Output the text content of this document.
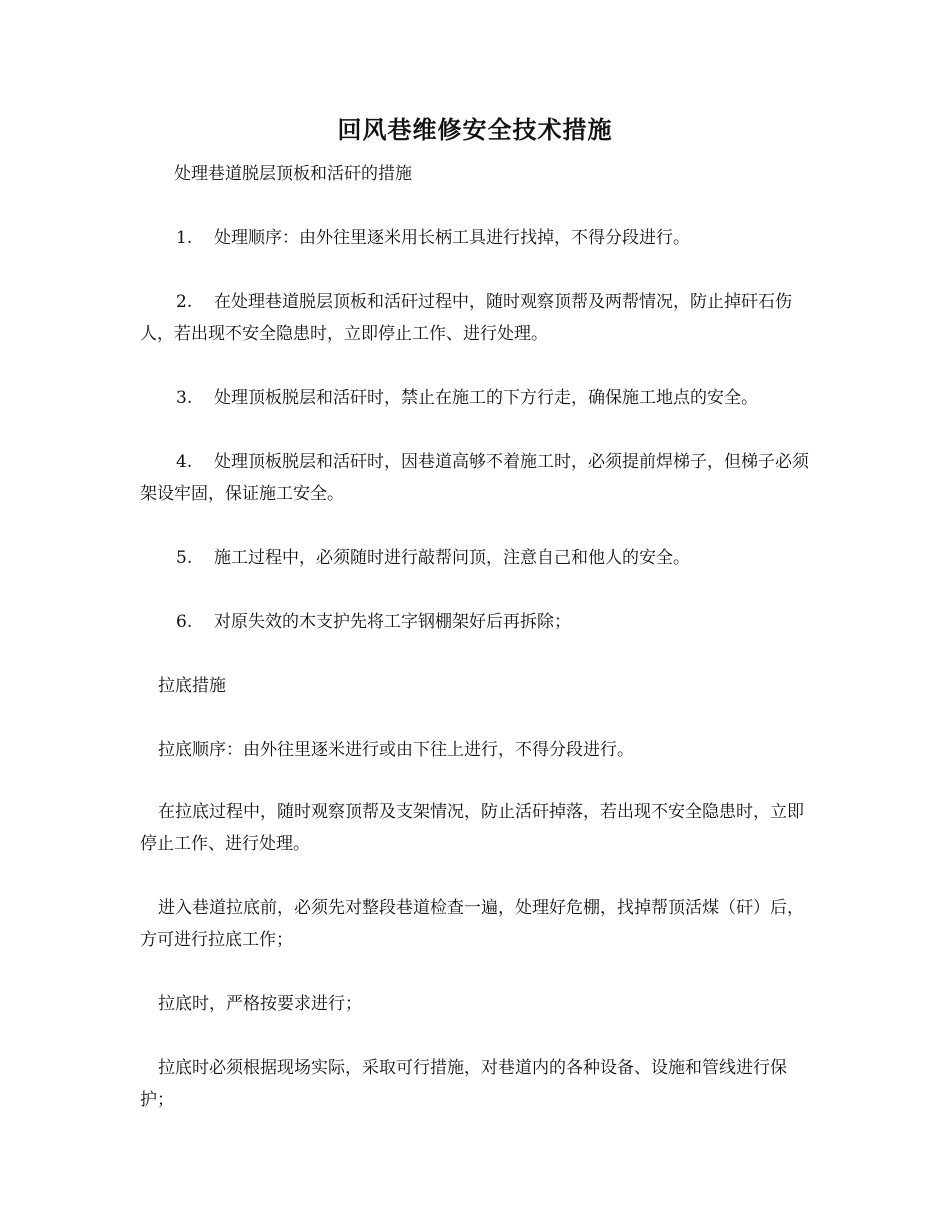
回风巷维修安全技术措施

处理巷道脱层顶板和活矸的措施

1. 处理顺序：由外往里逐米用长柄工具进行找掉，不得分段进行。

2. 在处理巷道脱层顶板和活矸过程中，随时观察顶帮及两帮情况，防止掉矸石伤人，若出现不安全隐患时，立即停止工作、进行处理。

3. 处理顶板脱层和活矸时，禁止在施工的下方行走，确保施工地点的安全。

4. 处理顶板脱层和活矸时，因巷道高够不着施工时，必须提前焊梯子，但梯子必须架设牢固，保证施工安全。

5. 施工过程中，必须随时进行敲帮问顶，注意自己和他人的安全。

6. 对原失效的木支护先将工字钢棚架好后再拆除；

拉底措施

拉底顺序：由外往里逐米进行或由下往上进行，不得分段进行。

在拉底过程中，随时观察顶帮及支架情况，防止活矸掉落，若出现不安全隐患时，立即停止工作、进行处理。

进入巷道拉底前，必须先对整段巷道检查一遍，处理好危棚，找掉帮顶活煤（矸）后，方可进行拉底工作；

拉底时，严格按要求进行；

拉底时必须根据现场实际，采取可行措施，对巷道内的各种设备、设施和管线进行保护；
